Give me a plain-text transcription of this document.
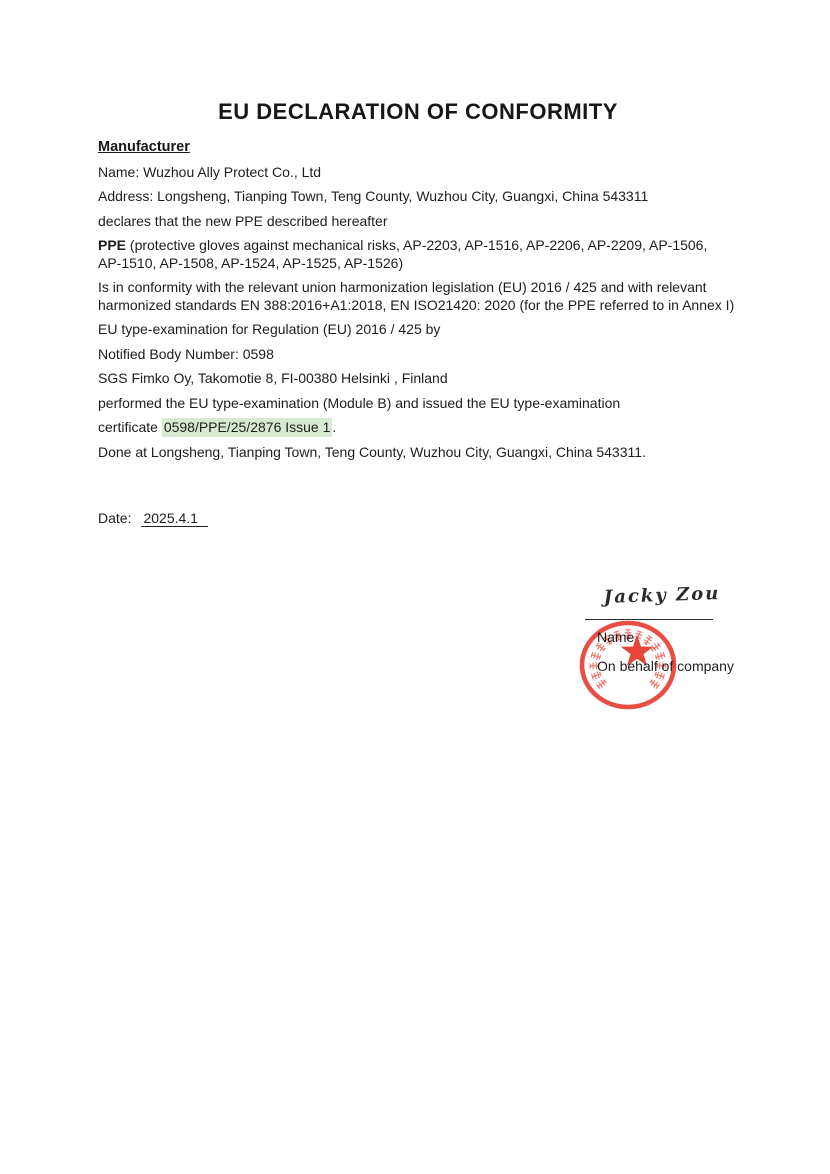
EU DECLARATION OF CONFORMITY
Manufacturer

Name: Wuzhou Ally Protect Co., Ltd

Address: Longsheng, Tianping Town, Teng County, Wuzhou City, Guangxi, China 543311

declares that the new PPE described hereafter

PPE (protective gloves against mechanical risks, AP-2203, AP-1516, AP-2206, AP-2209, AP-1506,
AP-1510, AP-1508, AP-1524, AP-1525, AP-1526)

Is in conformity with the relevant union harmonization legislation (EU) 2016 / 425 and with relevant
harmonized standards EN 388:2016+A1:2018, EN ISO21420: 2020 (for the PPE referred to in Annex I)

EU type-examination for Regulation (EU) 2016 / 425 by

Notified Body Number: 0598

SGS Fimko Oy, Takomotie 8, FI-00380 Helsinki , Finland

performed the EU type-examination (Module B) and issued the EU type-examination

certificate 0598/PPE/25/2876 Issue 1 .

Done at Longsheng, Tianping Town, Teng County, Wuzhou City, Guangxi, China 543311.

Date: 2025.4.1

Jacky Zou
Name
On behalf of company
